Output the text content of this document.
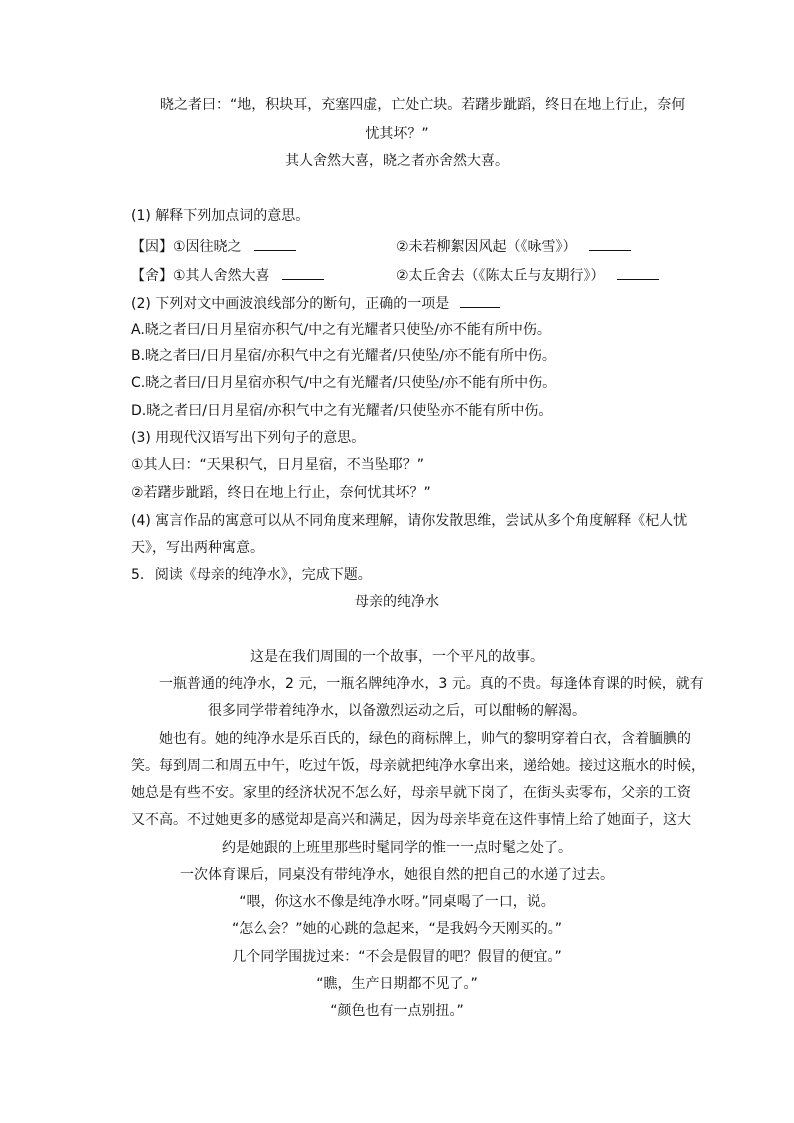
晓之者曰：“地，积块耳，充塞四虚，亡处亡块。若躇步跐蹈，终日在地上行止，奈何
忧其坏？”
其人舍然大喜，晓之者亦舍然大喜。
(1) 解释下列加点词的意思。
【因】①因往晓之	②未若柳絮因风起（《咏雪》）
【舍】①其人舍然大喜	②太丘舍去（《陈太丘与友期行》）
(2) 下列对文中画波浪线部分的断句，正确的一项是
A.晓之者曰/日月星宿亦积气/中之有光耀者只使坠/亦不能有所中伤。
B.晓之者曰/日月星宿/亦积气中之有光耀者/只使坠/亦不能有所中伤。
C.晓之者曰/日月星宿亦积气/中之有光耀者/只使坠/亦不能有所中伤。
D.晓之者曰/日月星宿/亦积气中之有光耀者/只使坠亦不能有所中伤。
(3) 用现代汉语写出下列句子的意思。
①其人曰：“天果积气，日月星宿，不当坠耶？”
②若躇步跐蹈，终日在地上行止，奈何忧其坏？”
(4) 寓言作品的寓意可以从不同角度来理解，请你发散思维，尝试从多个角度解释《杞人忧
天》，写出两种寓意。
5. 阅读《母亲的纯净水》，完成下题。
母亲的纯净水
这是在我们周围的一个故事，一个平凡的故事。
一瓶普通的纯净水，2 元，一瓶名牌纯净水，3 元。真的不贵。每逢体育课的时候，就有
很多同学带着纯净水，以备激烈运动之后，可以酣畅的解渴。
她也有。她的纯净水是乐百氏的，绿色的商标牌上，帅气的黎明穿着白衣，含着腼腆的
笑。每到周二和周五中午，吃过午饭，母亲就把纯净水拿出来，递给她。接过这瓶水的时候，
她总是有些不安。家里的经济状况不怎么好，母亲早就下岗了，在街头卖零布，父亲的工资
又不高。不过她更多的感觉却是高兴和满足，因为母亲毕竟在这件事情上给了她面子，这大
约是她跟的上班里那些时髦同学的惟一一点时髦之处了。
一次体育课后，同桌没有带纯净水，她很自然的把自己的水递了过去。
“喂，你这水不像是纯净水呀。”同桌喝了一口，说。
“怎么会？”她的心跳的急起来，“是我妈今天刚买的。”
几个同学围拢过来：“不会是假冒的吧？假冒的便宜。”
“瞧，生产日期都不见了。”
“颜色也有一点别扭。”
